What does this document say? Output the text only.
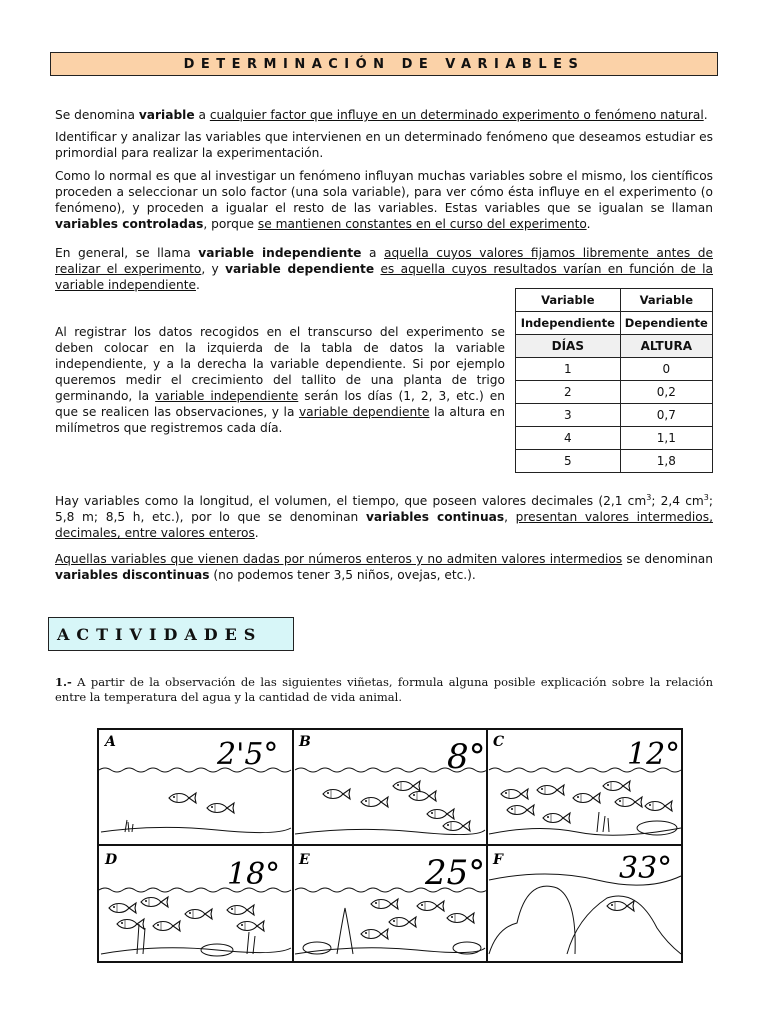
DETERMINACIÓN DE VARIABLES

Se denomina variable a cualquier factor que influye en un determinado experimento o fenómeno natural.

Identificar y analizar las variables que intervienen en un determinado fenómeno que deseamos estudiar es primordial para realizar la experimentación.

Como lo normal es que al investigar un fenómeno influyan muchas variables sobre el mismo, los científicos proceden a seleccionar un solo factor (una sola variable), para ver cómo ésta influye en el experimento (o fenómeno), y proceden a igualar el resto de las variables. Estas variables que se igualan se llaman variables controladas, porque se mantienen constantes en el curso del experimento.

En general, se llama variable independiente a aquella cuyos valores fijamos libremente antes de realizar el experimento, y variable dependiente es aquella cuyos resultados varían en función de la variable independiente.

Al registrar los datos recogidos en el transcurso del experimento se deben colocar en la izquierda de la tabla de datos la variable independiente, y a la derecha la variable dependiente. Si por ejemplo queremos medir el crecimiento del tallito de una planta de trigo germinando, la variable independiente serán los días (1, 2, 3, etc.) en que se realicen las observaciones, y la variable dependiente la altura en milímetros que registremos cada día.

Variable	Variable
Independiente	Dependiente
DÍAS	ALTURA
1	0
2	0,2
3	0,7
4	1,1
5	1,8

Hay variables como la longitud, el volumen, el tiempo, que poseen valores decimales (2,1 $cm^3$; 2,4 $cm^3$; 5,8 m; 8,5 h, etc.), por lo que se denominan variables continuas, presentan valores intermedios, decimales, entre valores enteros.

Aquellas variables que vienen dadas por números enteros y no admiten valores intermedios se denominan variables discontinuas (no podemos tener 3,5 niños, ovejas, etc.).

ACTIVIDADES

1.- A partir de la observación de las siguientes viñetas, formula alguna posible explicación sobre la relación entre la temperatura del agua y la cantidad de vida animal.

A	2'5° B	8° C	12°
D	18° E	25° F	33°
